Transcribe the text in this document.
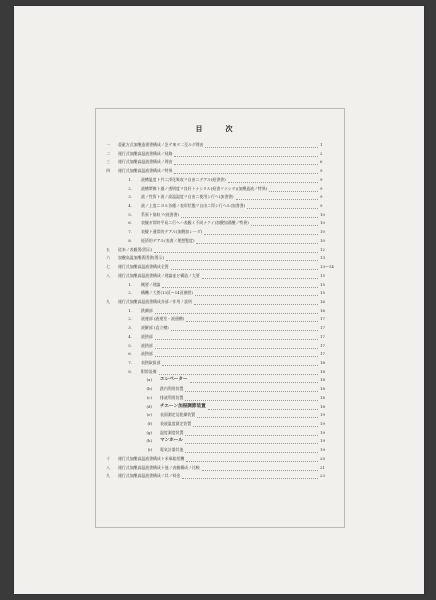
目　次
一 亜砒方式加醗造建書構成ノ急ゲ來タ二至ルダ理由	1
二 運行式加醗高温液書構成ノ経路	2
三 運行式加醗高温液書構成ノ理由	6
四 運行式加醗高温液書構成ノ特異	9
1. 液槽温度ト共ニ淨化吸収ヲ自由ニデアル(経書書)	9
2. 液槽摩擦ト風ノ透明度ヲ良好トナシタル(経書ヲナシタ)(加醗造液ノ特異)	9
3. 液ノ性質ト液ノ高温温度ヲ自由ニ使用シ行ヘ(加書書)	9
4. 液ノ上度ニヨル各種ノ表形状態ヲ自由ニ得シ行ヘル(加書書)	9
5. 系原ト筋収ヲ(経書書)	10
6. 表観ガ常時平易ニ行ヘハ表観ミ不同ナクイ(加醗加湯醗ノ特異)	10
7. 表観ト通常的デアル(加醗加レーダ)	10
8. 経済的デアル(表書ノ理想覧度)	10
五 従来ノ表観図(図示)	12
六 加醗高温加醗著図書(図示)	13
七 運行式加醗高温液書構成全図	13〜14
八 運行式加醗高温液書構成ノ理論並ビ構造ノ大要	15
1. 概要ノ理論	15
2. 構機ノ大要(13頁〜14頁参照)	15
九 運行式加醗高温液書構成各部ノ作用ノ説明	16
1. 鉄鋼部	16
2. 液運部 (液運室・液通槽)	17
3. 液解部 (直立槽)	17
4. 液熱部	17
5. 液熱部	17
6. 液熱部	17
7. 表熱取扱部	18
8. 附帯設備	18
(a) エレベーター	18
(b) 鉄内利用装置	18
(c) 排液利用装置	18
(d) チエーン加振調節装置	18
(e) 表面測定及乾燥装置	19
(f) 表液温度測定装置	19
(g) 温度測度装置	19
(h) マンホール	19
(i) 電気計器其他	19
十 運行式加醗高温液書構成ト米軍総括機	20
八 運行式加醗高温液書構成ト他ノ表観構成ノ比較	21
九 運行式加醗高温液書構成ノ其ノ料金	23
